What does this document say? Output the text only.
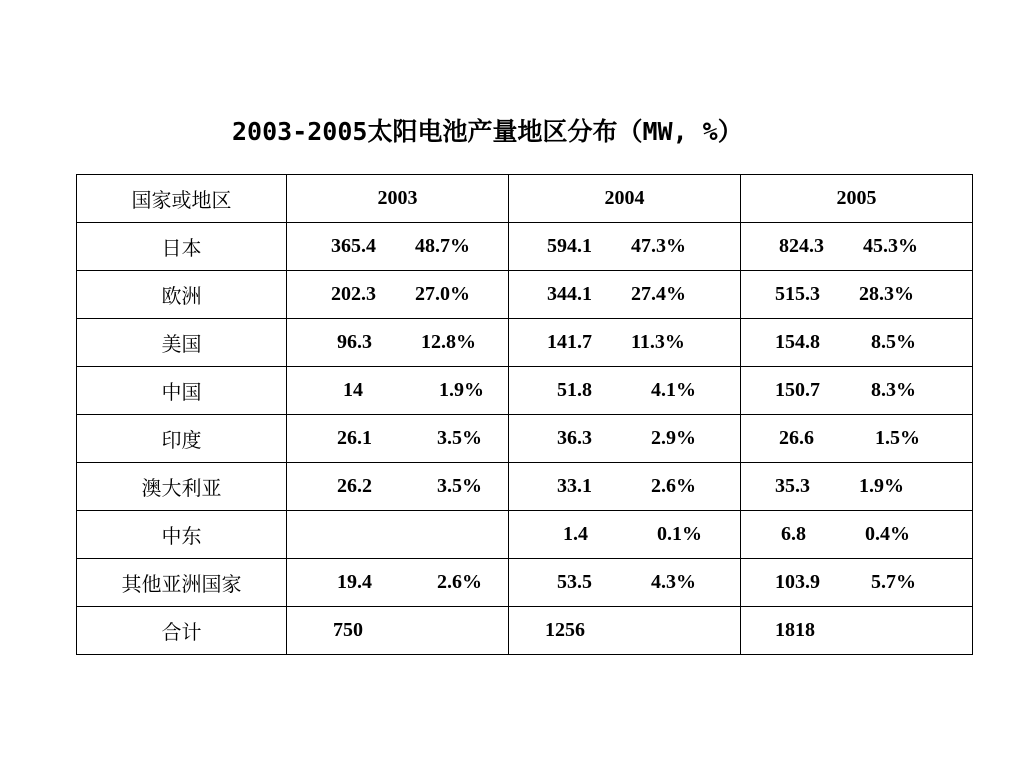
2003-2005太阳电池产量地区分布（MW, %）
国家或地区	2003	2004	2005
日本	365.4 48.7%	594.1 47.3%	824.3 45.3%
欧洲	202.3 27.0%	344.1 27.4%	515.3 28.3%
美国	96.3 12.8%	141.7 11.3%	154.8 8.5%
中国	14 1.9%	51.8 4.1%	150.7 8.3%
印度	26.1 3.5%	36.3 2.9%	26.6 1.5%
澳大利亚	26.2 3.5%	33.1 2.6%	35.3 1.9%
中东		1.4 0.1%	6.8 0.4%
其他亚洲国家	19.4 2.6%	53.5 4.3%	103.9 5.7%
合计	750	1256	1818
